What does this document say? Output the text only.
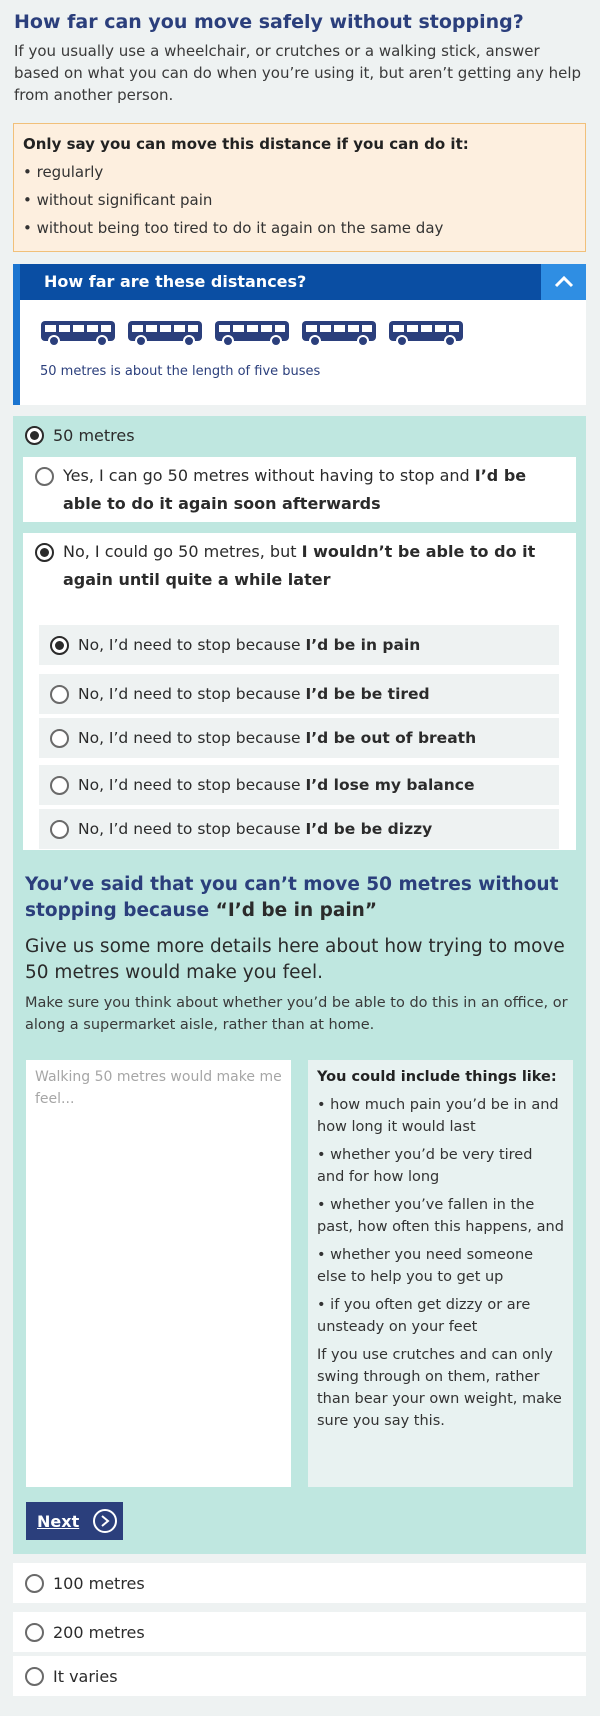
How far can you move safely without stopping?

If you usually use a wheelchair, or crutches or a walking stick, answer based on what you can do when you’re using it, but aren’t getting any help from another person.

Only say you can move this distance if you can do it:
• regularly
• without significant pain
• without being too tired to do it again on the same day
How far are these distances?
50 metres is about the length of five buses
50 metres
Yes, I can go 50 metres without having to stop and I’d be able to do it again soon afterwards
No, I could go 50 metres, but I wouldn’t be able to do it again until quite a while later
No, I’d need to stop because I’d be in pain
No, I’d need to stop because I’d be be tired
No, I’d need to stop because I’d be out of breath
No, I’d need to stop because I’d lose my balance
No, I’d need to stop because I’d be be dizzy
You’ve said that you can’t move 50 metres without stopping because “I’d be in pain”

Give us some more details here about how trying to move 50 metres would make you feel.

Make sure you think about whether you’d be able to do this in an office, or along a supermarket aisle, rather than at home.

Walking 50 metres would make me feel...
You could include things like:
• how much pain you’d be in and how long it would last
• whether you’d be very tired and for how long
• whether you’ve fallen in the past, how often this happens, and
• whether you need someone else to help you to get up
• if you often get dizzy or are unsteady on your feet
If you use crutches and can only swing through on them, rather than bear your own weight, make sure you say this.
Next
100 metres
200 metres
It varies
